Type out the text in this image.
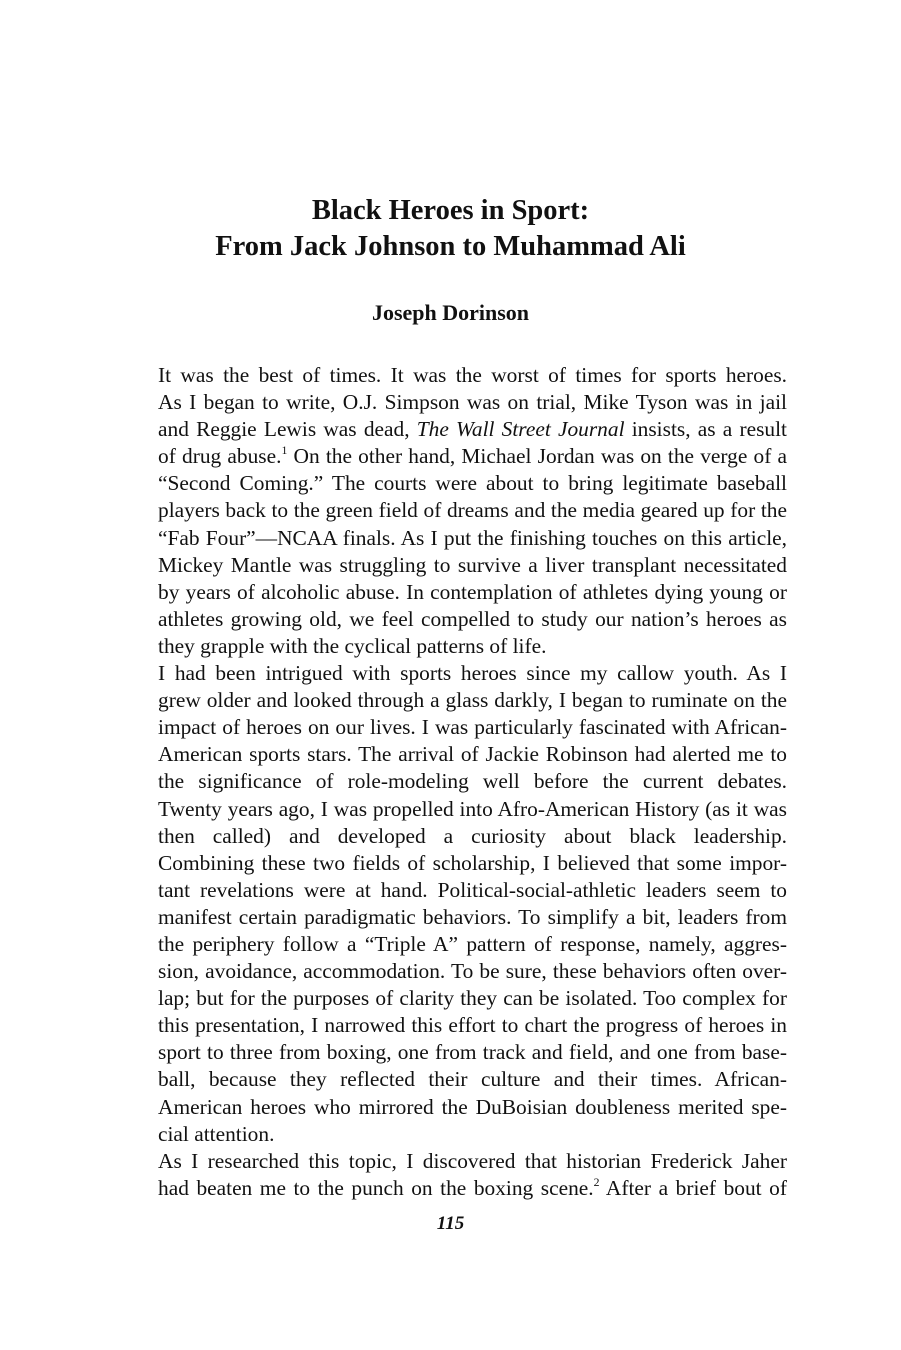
Black Heroes in Sport:
From Jack Johnson to Muhammad Ali
Joseph Dorinson

It was the best of times. It was the worst of times for sports heroes.
As I began to write, O.J. Simpson was on trial, Mike Tyson was in jail
and Reggie Lewis was dead, The Wall Street Journal insists, as a result
of drug abuse.$^1$ On the other hand, Michael Jordan was on the verge of a
“Second Coming.” The courts were about to bring legitimate baseball
players back to the green field of dreams and the media geared up for the
“Fab Four”—NCAA finals. As I put the finishing touches on this article,
Mickey Mantle was struggling to survive a liver transplant necessitated
by years of alcoholic abuse. In contemplation of athletes dying young or
athletes growing old, we feel compelled to study our nation’s heroes as
they grapple with the cyclical patterns of life.

I had been intrigued with sports heroes since my callow youth. As I
grew older and looked through a glass darkly, I began to ruminate on the
impact of heroes on our lives. I was particularly fascinated with African-
American sports stars. The arrival of Jackie Robinson had alerted me to
the significance of role-modeling well before the current debates.
Twenty years ago, I was propelled into Afro-American History (as it was
then called) and developed a curiosity about black leadership.
Combining these two fields of scholarship, I believed that some impor-
tant revelations were at hand. Political-social-athletic leaders seem to
manifest certain paradigmatic behaviors. To simplify a bit, leaders from
the periphery follow a “Triple A” pattern of response, namely, aggres-
sion, avoidance, accommodation. To be sure, these behaviors often over-
lap; but for the purposes of clarity they can be isolated. Too complex for
this presentation, I narrowed this effort to chart the progress of heroes in
sport to three from boxing, one from track and field, and one from base-
ball, because they reflected their culture and their times. African-
American heroes who mirrored the DuBoisian doubleness merited spe-
cial attention.

As I researched this topic, I discovered that historian Frederick Jaher
had beaten me to the punch on the boxing scene.$^2$ After a brief bout of

115
